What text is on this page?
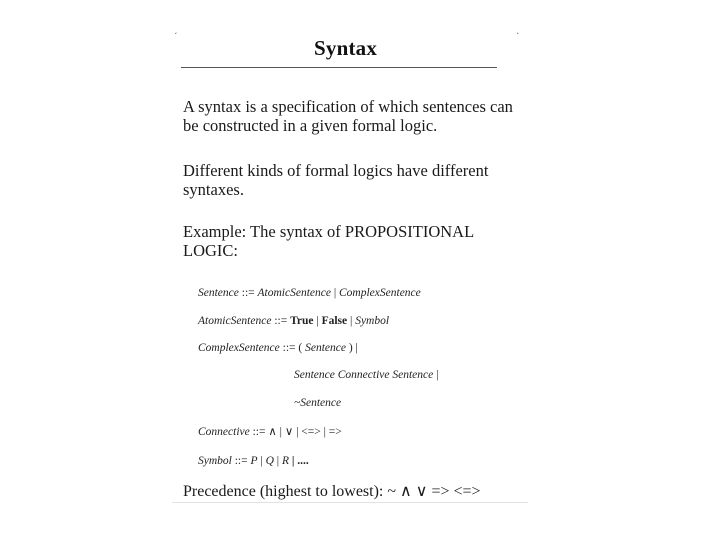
Syntax

A syntax is a specification of which sentences can be constructed in a given formal logic.

Different kinds of formal logics have different syntaxes.

Example: The syntax of PROPOSITIONAL LOGIC:

Sentence ::= AtomicSentence | ComplexSentence
AtomicSentence ::= True | False | Symbol
ComplexSentence ::= ( Sentence ) |
Sentence Connective Sentence |
~Sentence
Connective ::= ∧ | ∨ | <=> | =>
Symbol ::= P | Q | R | ....
Precedence (highest to lowest): ~ ∧ ∨ => <=>
